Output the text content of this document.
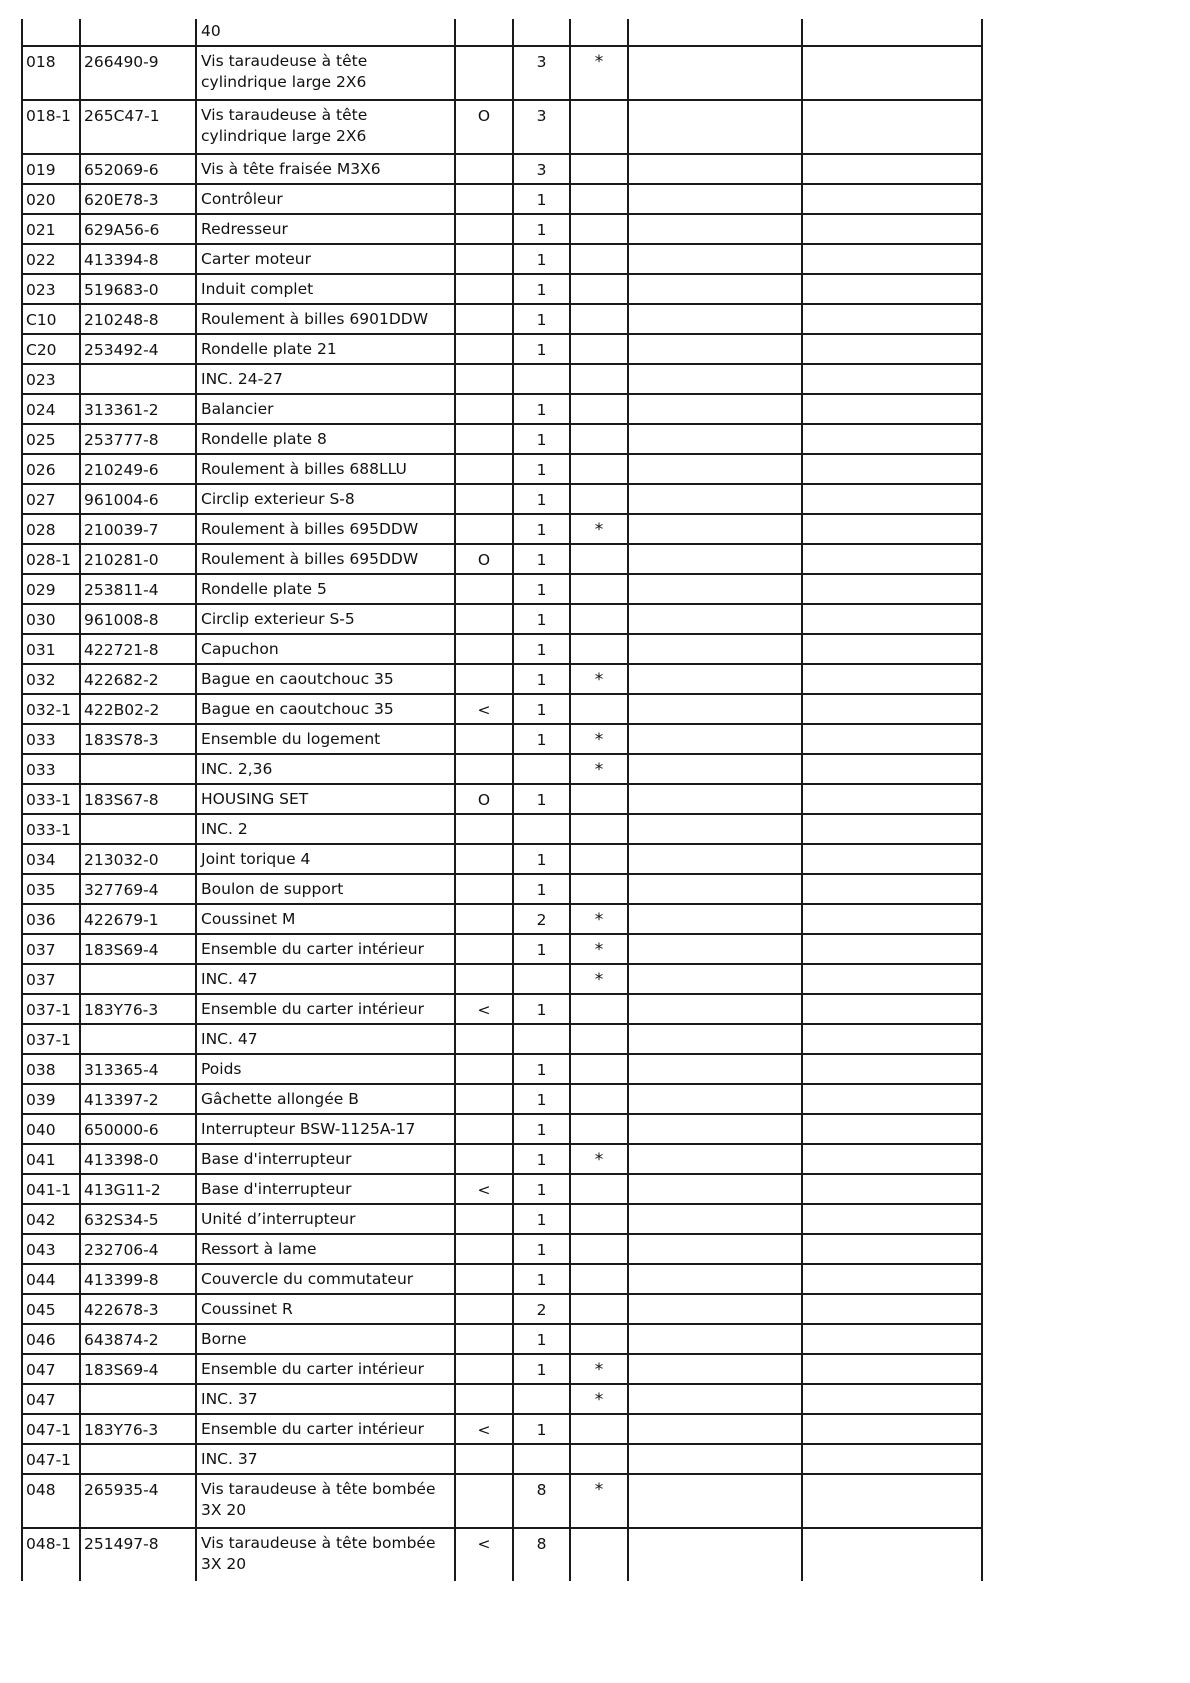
		40					

018	266490-9	Vis taraudeuse à tête cylindrique large 2X6		3	*		
018-1	265C47-1	Vis taraudeuse à tête cylindrique large 2X6	O	3			
019	652069-6	Vis à tête fraisée M3X6		3			
020	620E78-3	Contrôleur		1			
021	629A56-6	Redresseur		1			
022	413394-8	Carter moteur		1			
023	519683-0	Induit complet		1			
C10	210248-8	Roulement à billes 6901DDW		1			
C20	253492-4	Rondelle plate 21		1			
023		INC. 24-27					

024	313361-2	Balancier		1			
025	253777-8	Rondelle plate 8		1			
026	210249-6	Roulement à billes 688LLU		1			
027	961004-6	Circlip exterieur S-8		1			
028	210039-7	Roulement à billes 695DDW		1	*		
028-1	210281-0	Roulement à billes 695DDW	O	1			
029	253811-4	Rondelle plate 5		1			
030	961008-8	Circlip exterieur S-5		1			
031	422721-8	Capuchon		1			
032	422682-2	Bague en caoutchouc 35		1	*		
032-1	422B02-2	Bague en caoutchouc 35	<	1			
033	183S78-3	Ensemble du logement		1	*		
033		INC. 2,36			*		
033-1	183S67-8	HOUSING SET	O	1			
033-1		INC. 2					

034	213032-0	Joint torique 4		1			
035	327769-4	Boulon de support		1			
036	422679-1	Coussinet M		2	*		
037	183S69-4	Ensemble du carter intérieur		1	*		
037		INC. 47			*		
037-1	183Y76-3	Ensemble du carter intérieur	<	1			
037-1		INC. 47					

038	313365-4	Poids		1			
039	413397-2	Gâchette allongée B		1			
040	650000-6	Interrupteur BSW-1125A-17		1			
041	413398-0	Base d'interrupteur		1	*		
041-1	413G11-2	Base d'interrupteur	<	1			
042	632S34-5	Unité d’interrupteur		1			
043	232706-4	Ressort à lame		1			
044	413399-8	Couvercle du commutateur		1			
045	422678-3	Coussinet R		2			
046	643874-2	Borne		1			
047	183S69-4	Ensemble du carter intérieur		1	*		
047		INC. 37			*		
047-1	183Y76-3	Ensemble du carter intérieur	<	1			
047-1		INC. 37					

048	265935-4	Vis taraudeuse à tête bombée 3X 20		8	*		
048-1	251497-8	Vis taraudeuse à tête bombée 3X 20	<	8			
